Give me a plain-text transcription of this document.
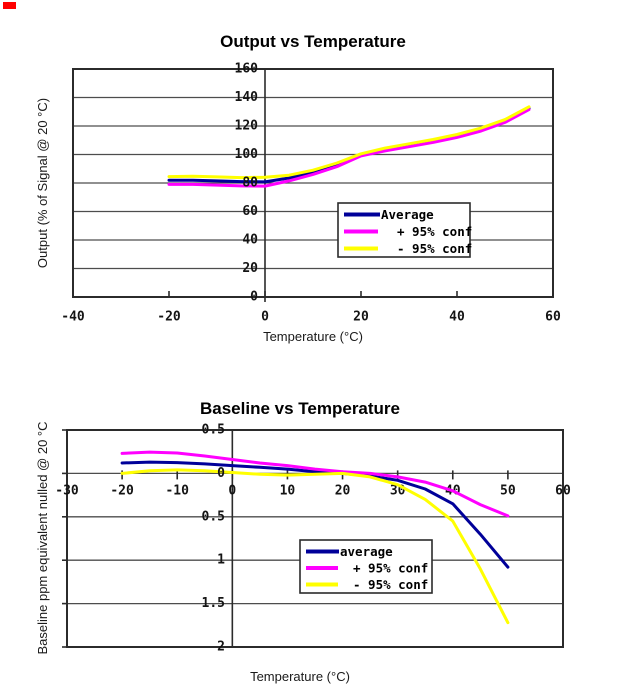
Output vs Temperature
-40	-20	0	20	40	60
0
20
40
60
80
100
120
140
160
Temperature (°C)
Output (% of Signal @ 20 °C)	Average
+ 95% conf
- 95% conf
Baseline vs Temperature
-30 -20 -10	0	10	20	30	40	50	60
0.5
0
0.5
1
1.5
2
Temperature (°C)
Baseline ppm equivalent nulled @ 20 °C	average
+ 95% conf
- 95% conf
